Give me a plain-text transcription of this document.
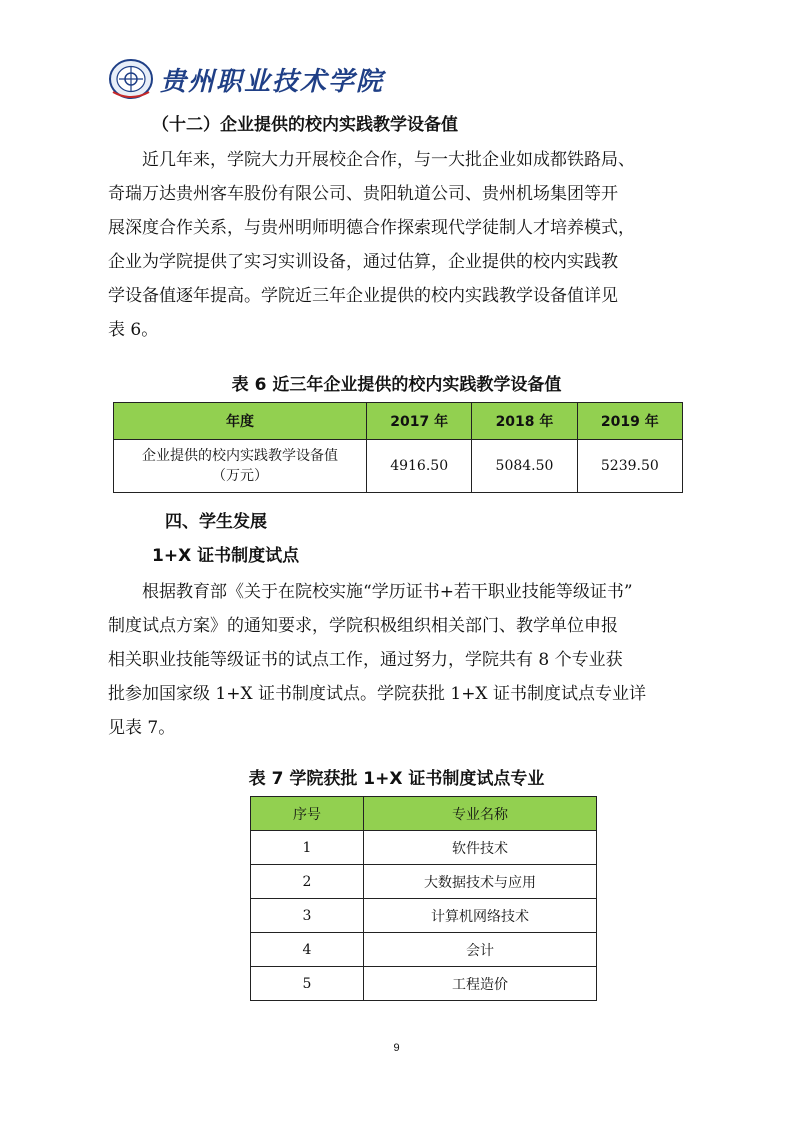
贵州职业技术学院
（十二）企业提供的校内实践教学设备值
近几年来，学院大力开展校企合作，与一大批企业如成都铁路局、
奇瑞万达贵州客车股份有限公司、贵阳轨道公司、贵州机场集团等开
展深度合作关系，与贵州明师明德合作探索现代学徒制人才培养模式，
企业为学院提供了实习实训设备，通过估算，企业提供的校内实践教
学设备值逐年提高。学院近三年企业提供的校内实践教学设备值详见
表 6。
表 6 近三年企业提供的校内实践教学设备值
年度	2017 年	2018 年	2019 年
企业提供的校内实践教学设备值
（万元）	4916.50	5084.50	5239.50
四、学生发展
1+X 证书制度试点
根据教育部《关于在院校实施“学历证书+若干职业技能等级证书”
制度试点方案》的通知要求，学院积极组织相关部门、教学单位申报
相关职业技能等级证书的试点工作，通过努力，学院共有 8 个专业获
批参加国家级 1+X 证书制度试点。学院获批 1+X 证书制度试点专业详
见表 7。
表 7 学院获批 1+X 证书制度试点专业
序号	专业名称
1	软件技术
2	大数据技术与应用
3	计算机网络技术
4	会计
5	工程造价
9
